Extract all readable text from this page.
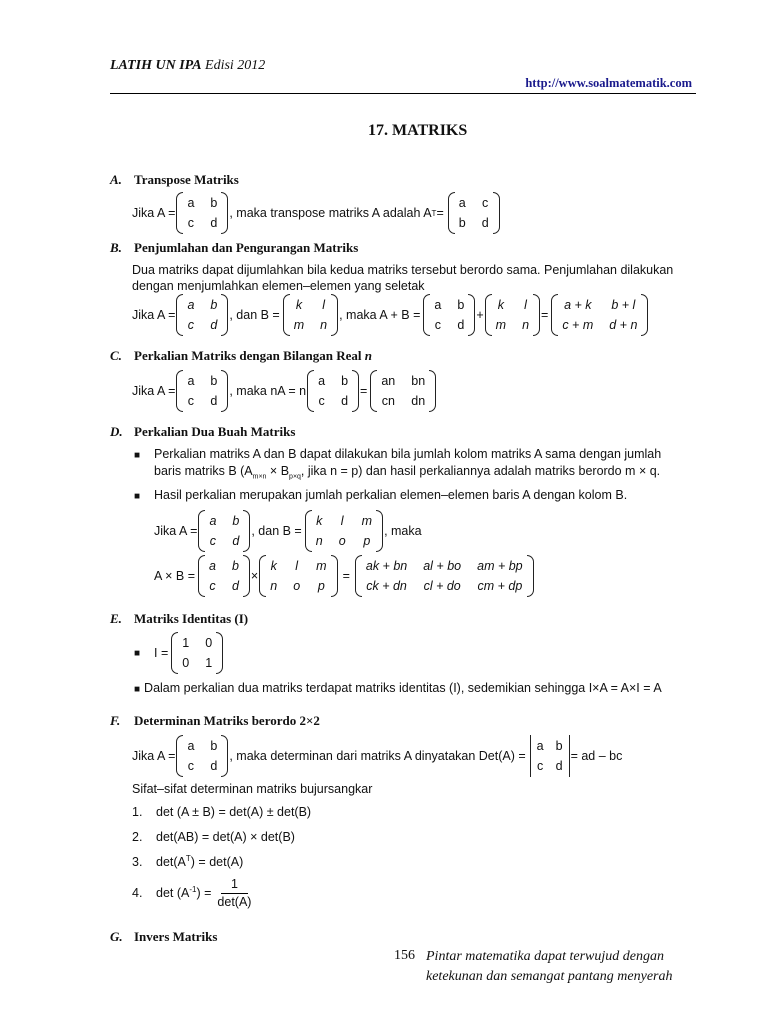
LATIH UN IPA Edisi 2012
http://www.soalmatematik.com
17. MATRIKS
A. Transpose Matriks
Jika A =
a b
c d
, maka transpose matriks A adalah A T =
a c
b d
B. Penjumlahan dan Pengurangan Matriks
Dua matriks dapat dijumlahkan bila kedua matriks tersebut berordo sama. Penjumlahan dilakukan
dengan menjumlahkan elemen–elemen yang seletak
Jika A =
a b
c d
, dan B =
k l
m n
, maka A + B =
a b
c d
+
k l
m n
=
a + k b + l
c + m d + n
C. Perkalian Matriks dengan Bilangan Real n
Jika A =
a b
c d
, maka nA = n
a b
c d
=
an bn
cn dn
D. Perkalian Dua Buah Matriks
■ Perkalian matriks A dan B dapat dilakukan bila jumlah kolom matriks A sama dengan jumlah
baris matriks B ($A_{m\times n} \times B_{p\times q}$, jika n = p) dan hasil perkaliannya adalah matriks berordo m × q.
■ Hasil perkalian merupakan jumlah perkalian elemen–elemen baris A dengan kolom B.
Jika A =
a b
c d
, dan B =
k l m
n o p
, maka
A × B =
a b
c d
×
k l m
n o p
=
ak + bn al + bo am + bp
ck + dn cl + do cm + dp
E. Matriks Identitas (I)
■	I =
1 0
0 1
■ Dalam perkalian dua matriks terdapat matriks identitas (I), sedemikian sehingga I×A = A×I = A
F. Determinan Matriks berordo 2×2
Jika A =
a b
c d
, maka determinan dari matriks A dinyatakan Det(A) =
a b
c d
= ad – bc
Sifat–sifat determinan matriks bujursangkar
1. det (A ± B) = det(A) ± det(B)
2. det(AB) = det(A) × det(B)
3. $\det(A^T) = \det(A)$
4.	$\det (A^{-1}$ ) = $\frac{1}{\det(A)}$
G. Invers Matriks
156 Pintar matematika dapat terwujud dengan ketekunan dan semangat pantang menyerah
